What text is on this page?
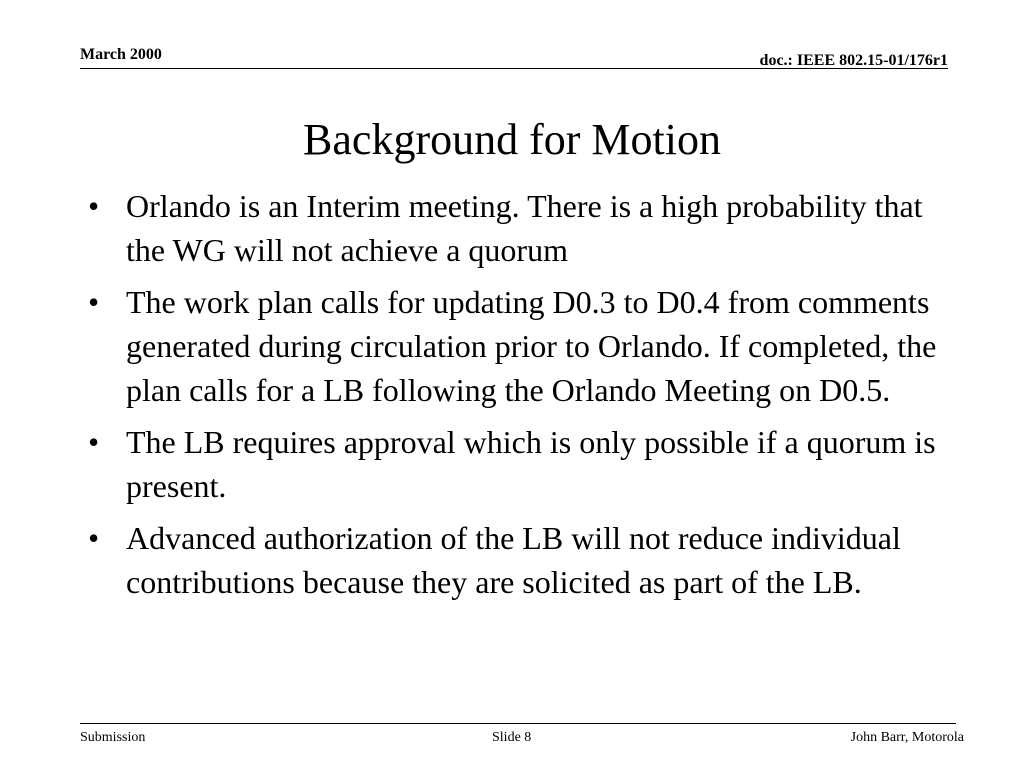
March 2000	doc.: IEEE 802.15-01/176r1
Background for Motion
• Orlando is an Interim meeting. There is a high probability that the WG will not achieve a quorum
• The work plan calls for updating D0.3 to D0.4 from comments generated during circulation prior to Orlando. If completed, the plan calls for a LB following the Orlando Meeting on D0.5.
• The LB requires approval which is only possible if a quorum is present.
• Advanced authorization of the LB will not reduce individual contributions because they are solicited as part of the LB.
Submission	Slide 8	John Barr, Motorola
